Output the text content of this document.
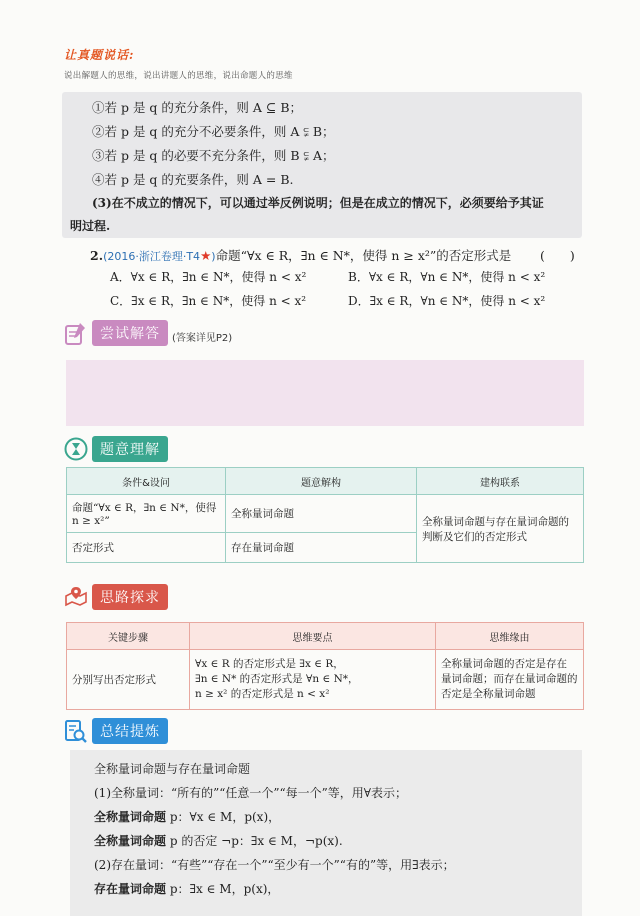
让真题说话:
说出解题人的思维，说出讲题人的思维，说出命题人的思维
①若 p 是 q 的充分条件，则 A ⊆ B；
②若 p 是 q 的充分不必要条件，则 A ⫋ B；
③若 p 是 q 的必要不充分条件，则 B ⫋ A；
④若 p 是 q 的充要条件，则 A = B.
(3)在不成立的情况下，可以通过举反例说明；但是在成立的情况下，必须要给予其证
明过程.
2.(2016·浙江卷理·T4★)命题“∀x ∈ R，∃n ∈ N*，使得 n ≥ x²”的否定形式是 (　　)
A．∀x ∈ R，∃n ∈ N*，使得 n < x²	B．∀x ∈ R，∀n ∈ N*，使得 n < x²
C．∃x ∈ R，∃n ∈ N*，使得 n < x²	D．∃x ∈ R，∀n ∈ N*，使得 n < x²
尝试解答	(答案详见P2)
题意理解
条件&设问	题意解构	建构联系
命题“∀x ∈ R，∃n ∈ N*，使得
n ≥ x²”	全称量词命题	全称量词命题与存在量词命题的
判断及它们的否定形式
否定形式	存在量词命题	
思路探求
关键步骤	思维要点	思维缘由
分别写出否定形式	∀x ∈ R 的否定形式是 ∃x ∈ R，
∃n ∈ N* 的否定形式是 ∀n ∈ N*，
n ≥ x² 的否定形式是 n < x²	全称量词命题的否定是存在
量词命题；而存在量词命题的
否定是全称量词命题
总结提炼
全称量词命题与存在量词命题
(1)全称量词：“所有的”“任意一个”“每一个”等，用∀表示；
全称量词命题 p：∀x ∈ M，p(x)，
全称量词命题 p 的否定 ¬p：∃x ∈ M，¬p(x).
(2)存在量词：“有些”“存在一个”“至少有一个”“有的”等，用∃表示；
存在量词命题 p：∃x ∈ M，p(x)，
